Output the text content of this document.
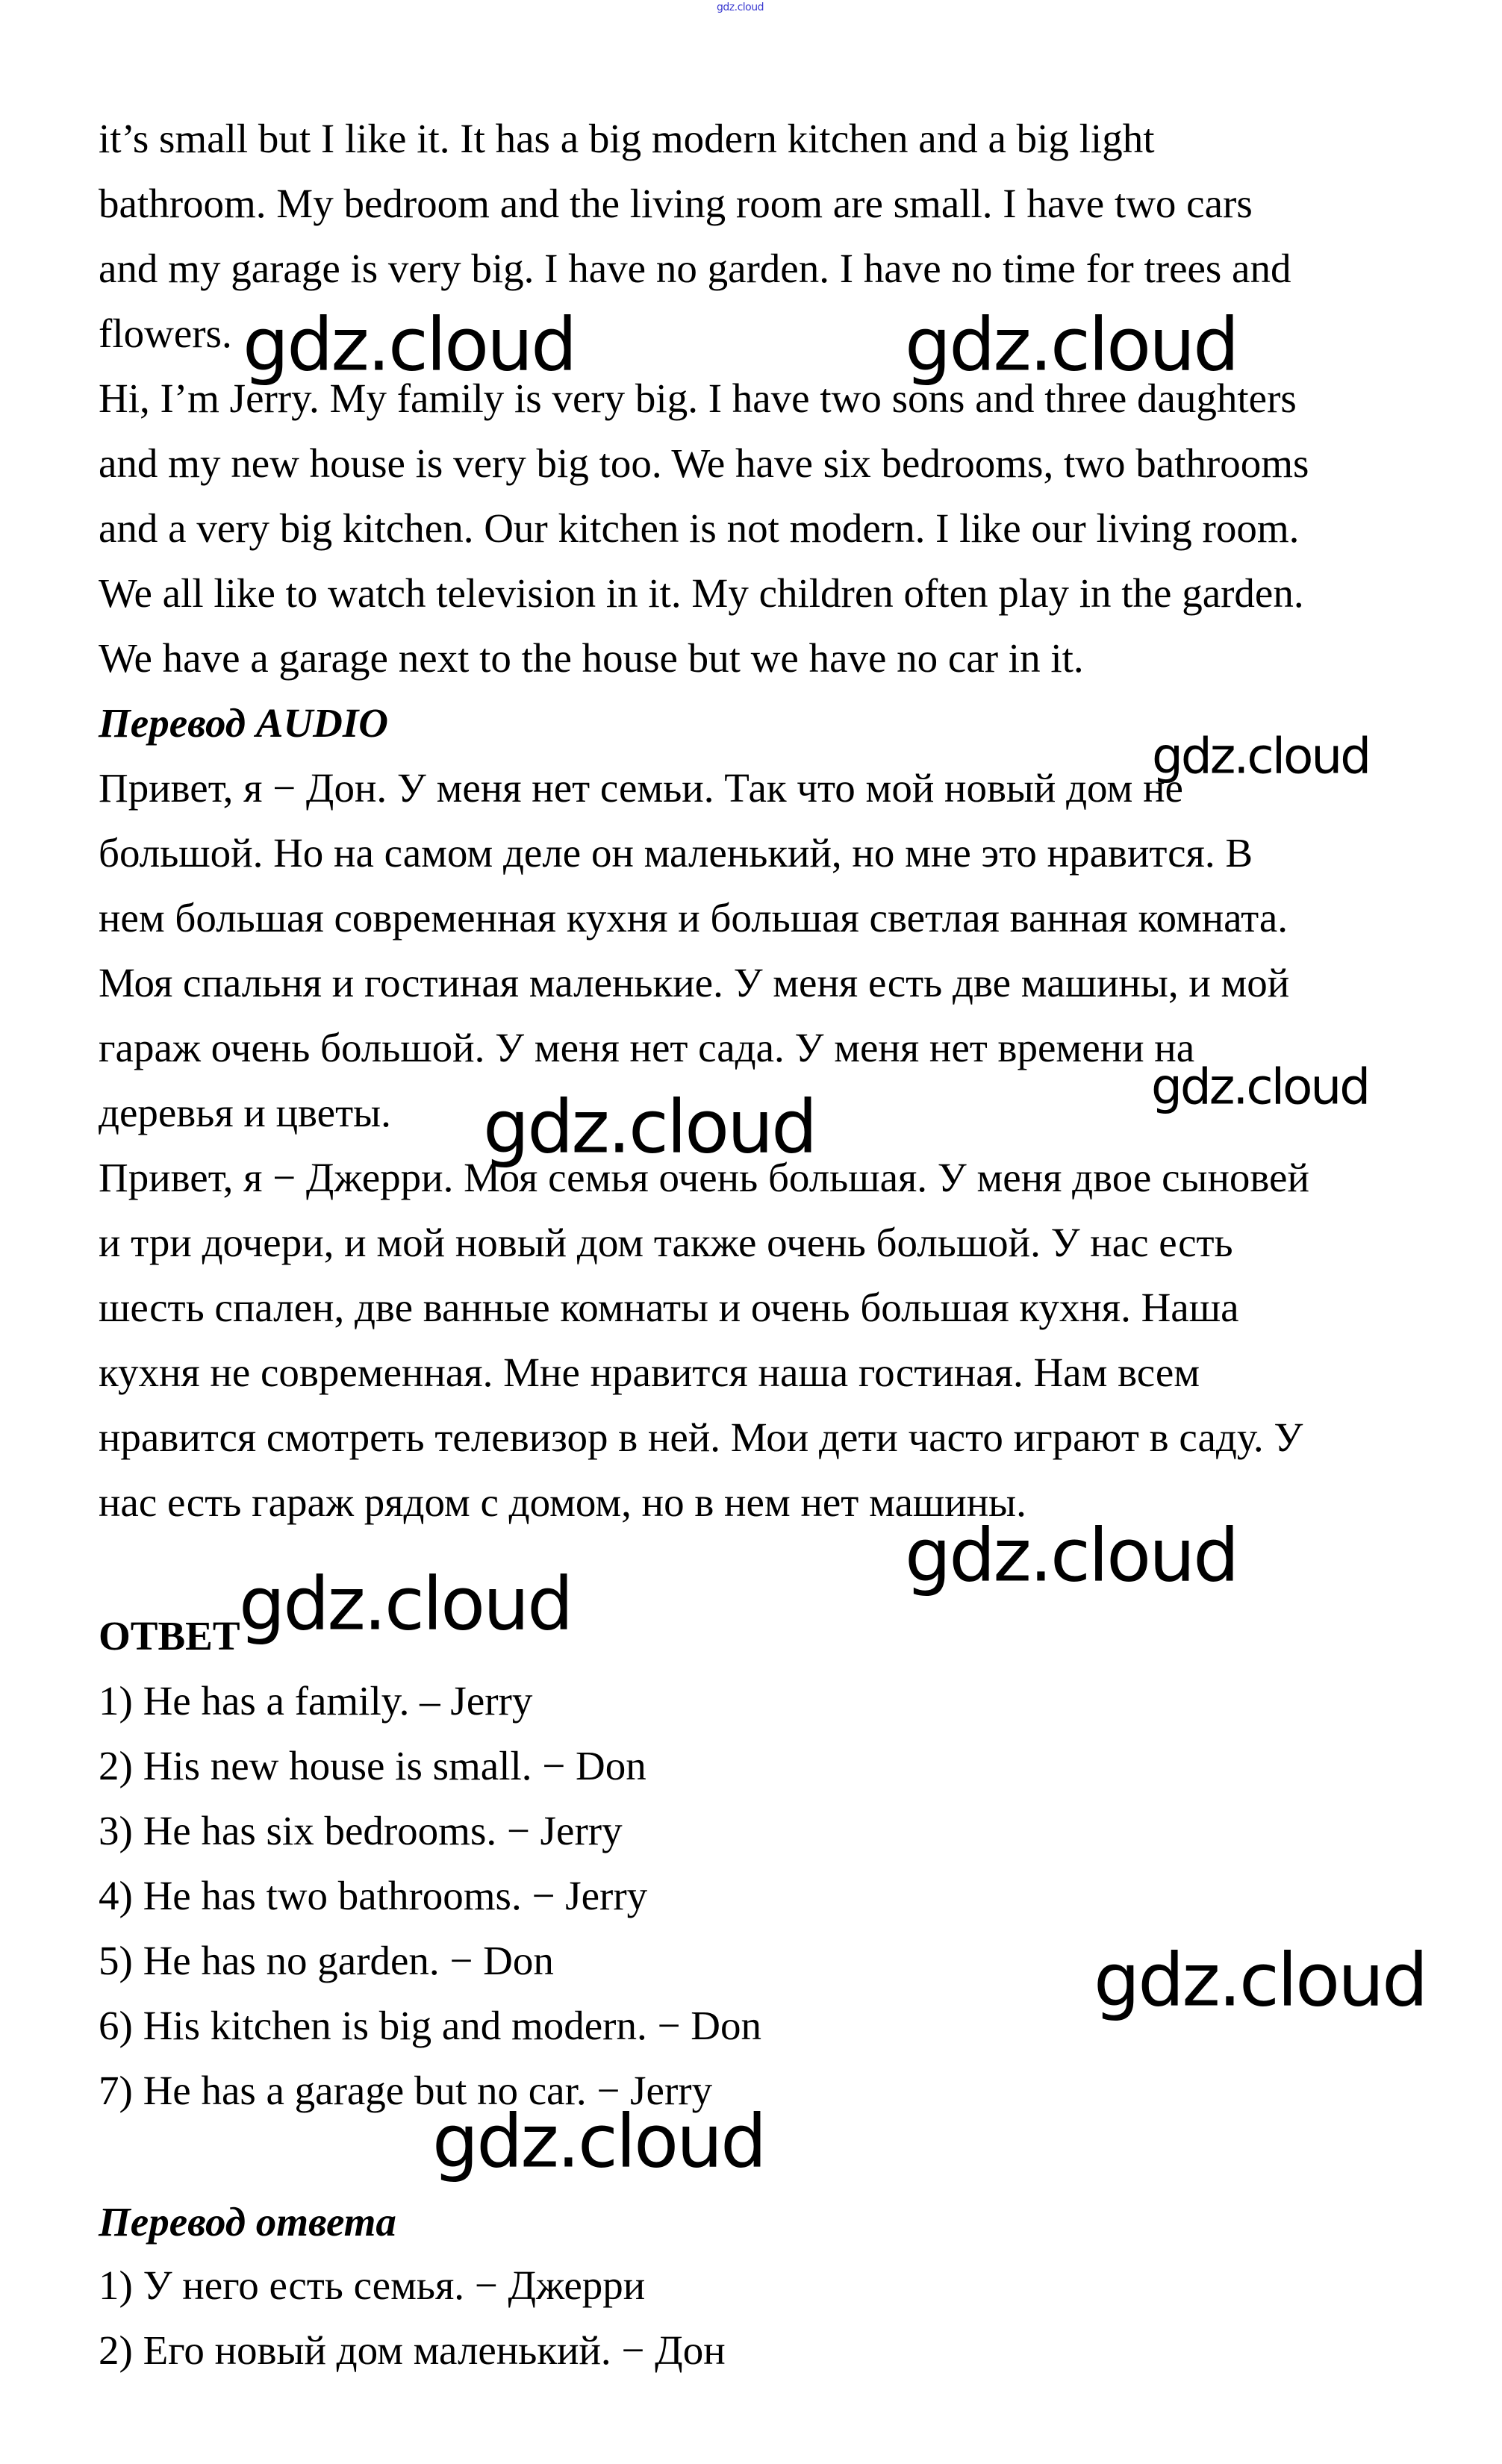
gdz.cloud
it’s small but I like it. It has a big modern kitchen and a big light
bathroom. My bedroom and the living room are small. I have two cars
and my garage is very big. I have no garden. I have no time for trees and
flowers.
Hi, I’m Jerry. My family is very big. I have two sons and three daughters
and my new house is very big too. We have six bedrooms, two bathrooms
and a very big kitchen. Our kitchen is not modern. I like our living room.
We all like to watch television in it. My children often play in the garden.
We have a garage next to the house but we have no car in it.
Перевод AUDIO
Привет, я − Дон. У меня нет семьи. Так что мой новый дом не
большой. Но на самом деле он маленький, но мне это нравится. В
нем большая современная кухня и большая светлая ванная комната.
Моя спальня и гостиная маленькие. У меня есть две машины, и мой
гараж очень большой. У меня нет сада. У меня нет времени на
деревья и цветы.
Привет, я − Джерри. Моя семья очень большая. У меня двое сыновей
и три дочери, и мой новый дом также очень большой. У нас есть
шесть спален, две ванные комнаты и очень большая кухня. Наша
кухня не современная. Мне нравится наша гостиная. Нам всем
нравится смотреть телевизор в ней. Мои дети часто играют в саду. У
нас есть гараж рядом с домом, но в нем нет машины.
ОТВЕТ
1) He has a family. – Jerry
2) His new house is small. − Don
3) He has six bedrooms. − Jerry
4) He has two bathrooms. − Jerry
5) He has no garden. − Don
6) His kitchen is big and modern. − Don
7) He has a garage but no car. − Jerry
Перевод ответа
1) У него есть семья. − Джерри
2) Его новый дом маленький. − Дон
gdz.cloud	gdz.cloud
gdz.cloud
gdz.cloud
gdz.cloud
gdz.cloud
gdz.cloud
gdz.cloud
gdz.cloud
